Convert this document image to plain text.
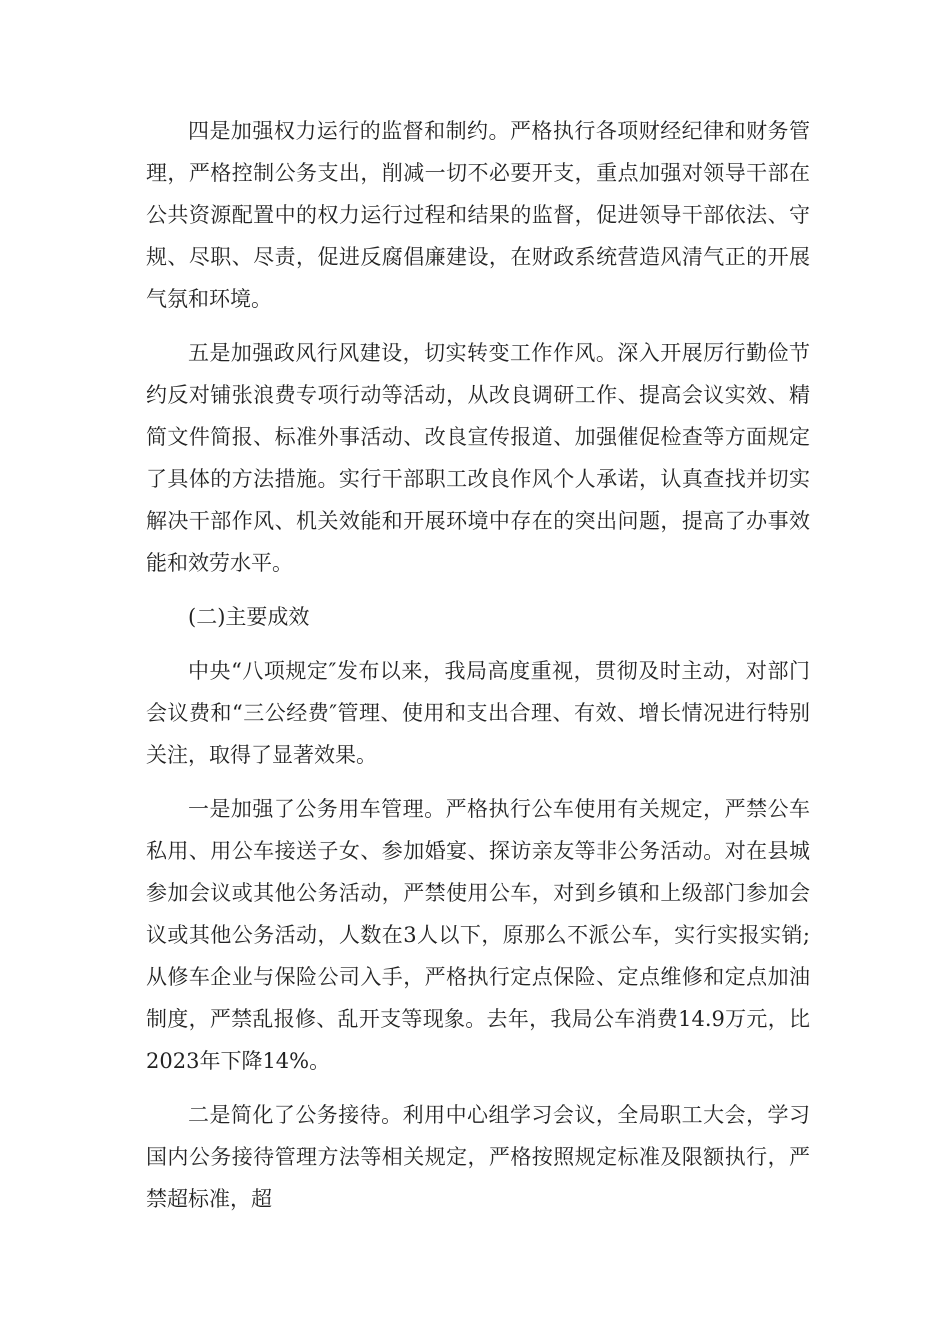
四是加强权力运行的监督和制约。严格执行各项财经纪律和财务管理，严格控制公务支出，削减一切不必要开支，重点加强对领导干部在公共资源配置中的权力运行过程和结果的监督，促进领导干部依法、守规、尽职、尽责，促进反腐倡廉建设，在财政系统营造风清气正的开展气氛和环境。

五是加强政风行风建设，切实转变工作作风。深入开展厉行勤俭节约反对铺张浪费专项行动等活动，从改良调研工作、提高会议实效、精简文件简报、标准外事活动、改良宣传报道、加强催促检查等方面规定了具体的方法措施。实行干部职工改良作风个人承诺，认真查找并切实解决干部作风、机关效能和开展环境中存在的突出问题，提高了办事效能和效劳水平。

(二)主要成效

中央“八项规定″发布以来，我局高度重视，贯彻及时主动，对部门会议费和“三公经费″管理、使用和支出合理、有效、增长情况进行特别关注，取得了显著效果。

一是加强了公务用车管理。严格执行公车使用有关规定，严禁公车私用、用公车接送子女、参加婚宴、探访亲友等非公务活动。对在县城参加会议或其他公务活动，严禁使用公车，对到乡镇和上级部门参加会议或其他公务活动，人数在3人以下，原那么不派公车，实行实报实销;从修车企业与保险公司入手，严格执行定点保险、定点维修和定点加油制度，严禁乱报修、乱开支等现象。去年，我局公车消费14.9万元，比2023年下降14%。

二是简化了公务接待。利用中心组学习会议，全局职工大会，学习国内公务接待管理方法等相关规定，严格按照规定标准及限额执行，严禁超标准，超
